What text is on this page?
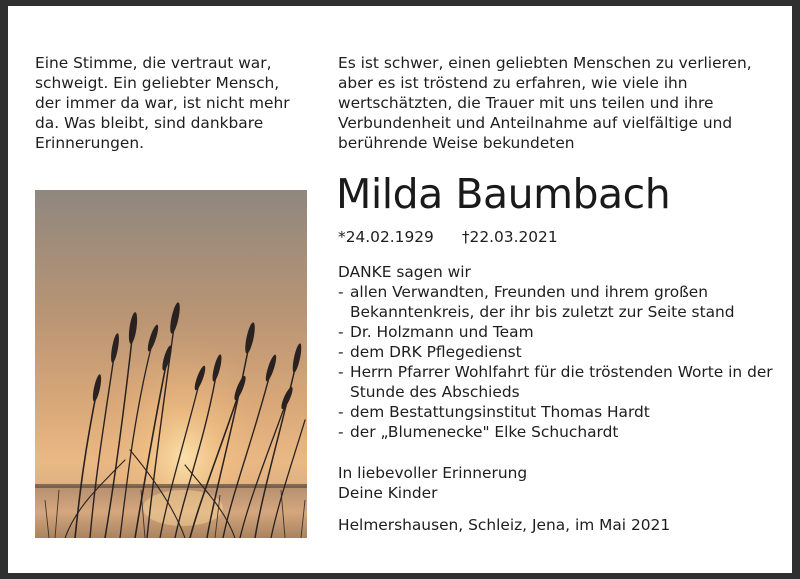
Eine Stimme, die vertraut war,
schweigt. Ein geliebter Mensch,
der immer da war, ist nicht mehr
da. Was bleibt, sind dankbare
Erinnerungen.
Es ist schwer, einen geliebten Menschen zu verlieren,
aber es ist tröstend zu erfahren, wie viele ihn
wertschätzten, die Trauer mit uns teilen und ihre
Verbundenheit und Anteilnahme auf vielfältige und
berührende Weise bekundeten
Milda Baumbach
*24.02.1929 †22.03.2021
DANKE sagen wir
- allen Verwandten, Freunden und ihrem großen
Bekanntenkreis, der ihr bis zuletzt zur Seite stand
- Dr. Holzmann und Team
- dem DRK Pflegedienst
- Herrn Pfarrer Wohlfahrt für die tröstenden Worte in der
Stunde des Abschieds
- dem Bestattungsinstitut Thomas Hardt
- der „Blumenecke" Elke Schuchardt
In liebevoller Erinnerung
Deine Kinder
Helmershausen, Schleiz, Jena, im Mai 2021
